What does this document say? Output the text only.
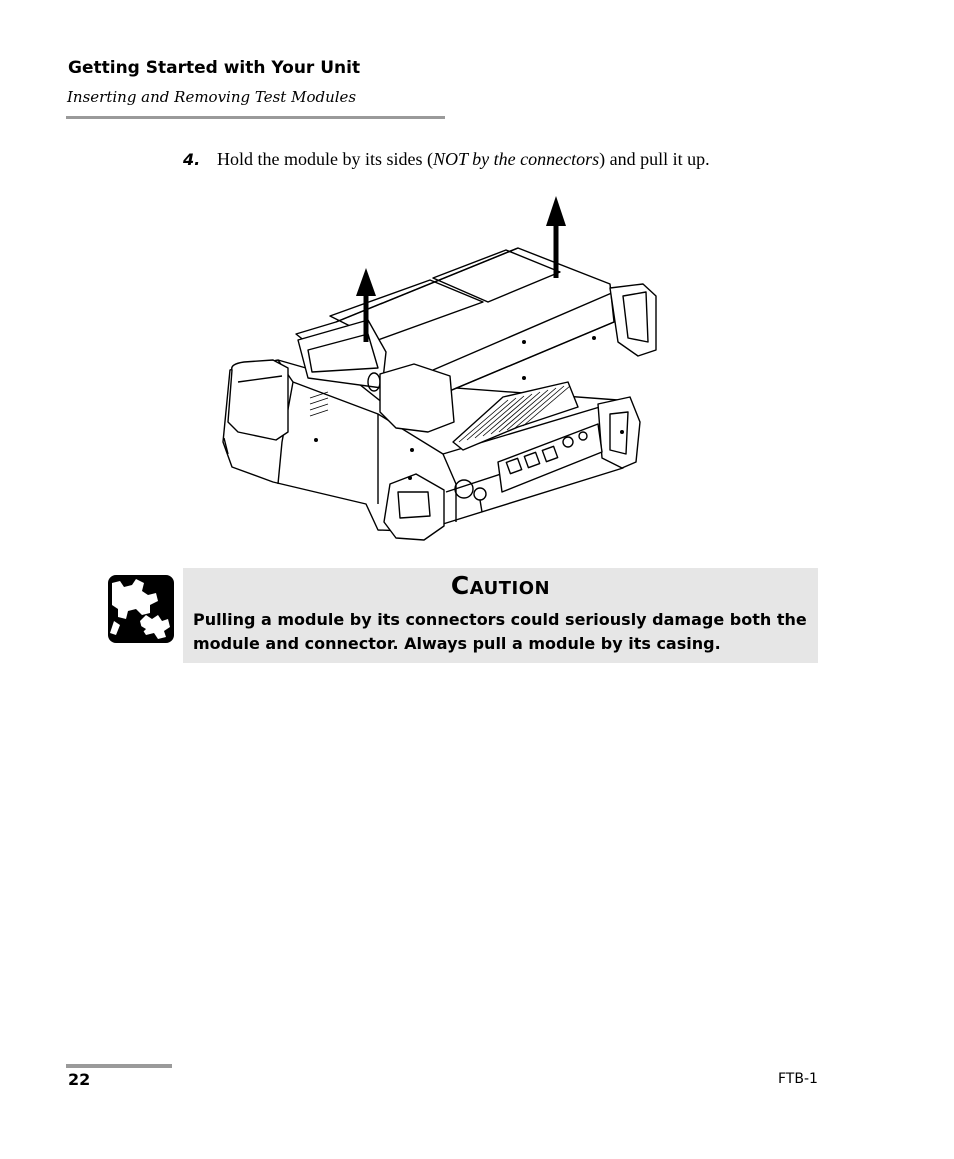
Getting Started with Your Unit
Inserting and Removing Test Modules
4. Hold the module by its sides (NOT by the connectors) and pull it up.
Caution

Pulling a module by its connectors could seriously damage both the module and connector. Always pull a module by its casing.

22	FTB-1
